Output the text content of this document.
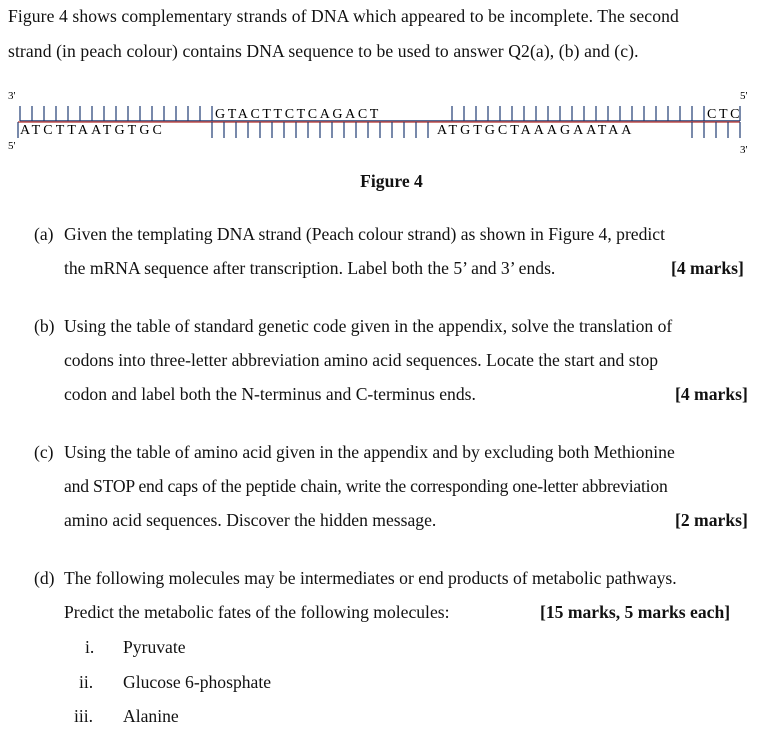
Figure 4 shows complementary strands of DNA which appeared to be incomplete. The second
strand (in peach colour) contains DNA sequence to be used to answer Q2(a), (b) and (c).
3'	5'
5'	3'
GTACTTCTCAGACT	CTC
ATCTTAATGTGC	ATGTGCTAAAGAATAA
Figure 4
(a) Given the templating DNA strand (Peach colour strand) as shown in Figure 4, predict
the mRNA sequence after transcription. Label both the 5’ and 3’ ends.	[4 marks]
(b) Using the table of standard genetic code given in the appendix, solve the translation of
codons into three-letter abbreviation amino acid sequences. Locate the start and stop
codon and label both the N-terminus and C-terminus ends.	[4 marks]
(c) Using the table of amino acid given in the appendix and by excluding both Methionine
and STOP end caps of the peptide chain, write the corresponding one-letter abbreviation
amino acid sequences. Discover the hidden message.	[2 marks]
(d) The following molecules may be intermediates or end products of metabolic pathways.
Predict the metabolic fates of the following molecules:	[15 marks, 5 marks each]
i. Pyruvate
ii. Glucose 6-phosphate
iii. Alanine
